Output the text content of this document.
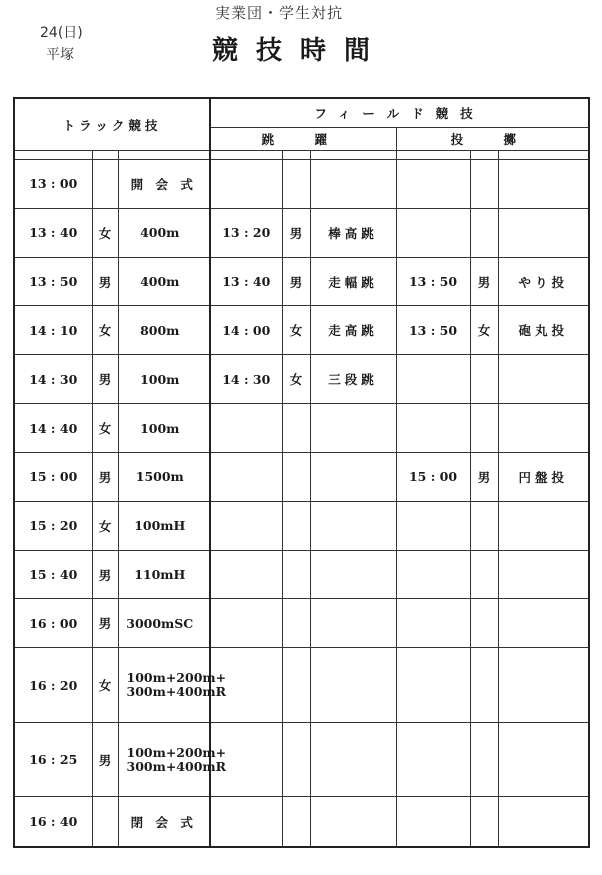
24(日)
平塚
実業団・学生対抗
競技時間
トラック競技			フィールド競技					
			跳 躍			投 擲		

13 : 00		開 会 式						
13 : 40	女	400m	13 : 20	男	棒高跳			
13 : 50	男	400m	13 : 40	男	走幅跳	13 : 50	男	やり投
14 : 10	女	800m	14 : 00	女	走高跳	13 : 50	女	砲丸投
14 : 30	男	100m	14 : 30	女	三段跳			
14 : 40	女	100m						
15 : 00	男	1500m				15 : 00	男	円盤投
15 : 20	女	100mH						
15 : 40	男	110mH						
16 : 00	男	3000mSC						
16 : 20	女	100m+200m+
300m+400mR						
16 : 25	男	100m+200m+
300m+400mR						
16 : 40		閉 会 式						
